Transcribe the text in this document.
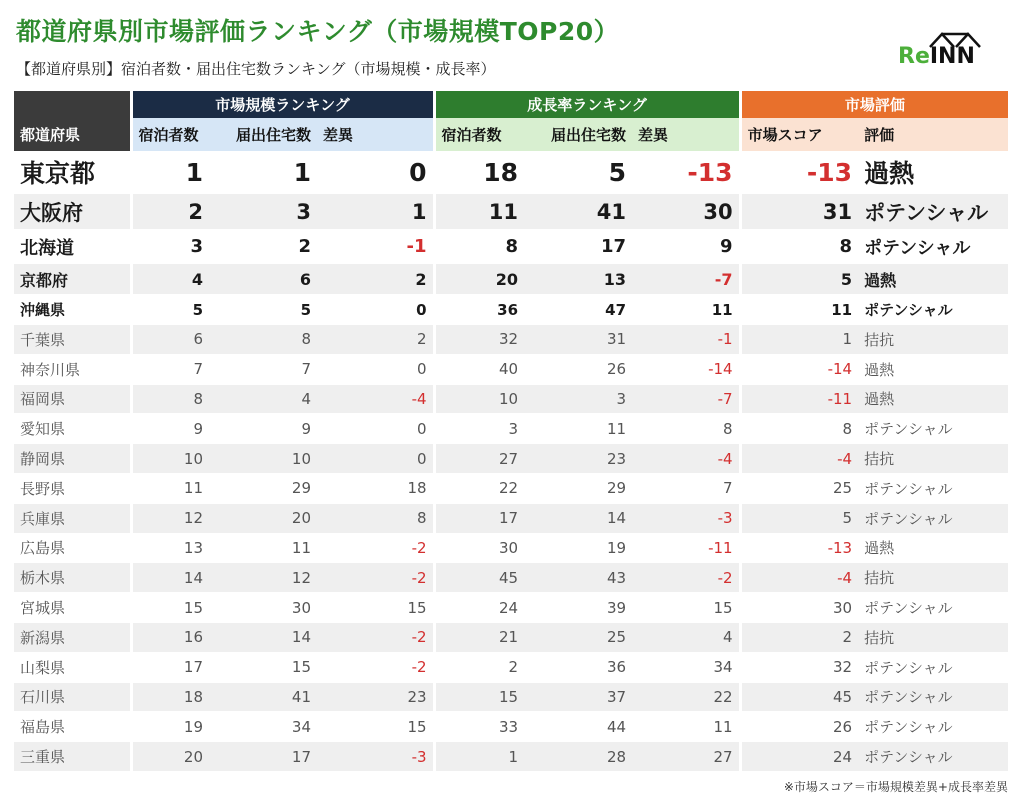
都道府県別市場評価ランキング（市場規模TOP20）
【都道府県別】宿泊者数・届出住宅数ランキング（市場規模・成長率）	ReINN
	市場規模ランキング			成長率ランキング			市場評価	
都道府県	宿泊者数	届出住宅数	差異	宿泊者数	届出住宅数	差異	市場スコア	評価
東京都	1	1	0	18	5	-13	-13	過熱
大阪府	2	3	1	11	41	30	31	ポテンシャル
北海道	3	2	-1	8	17	9	8	ポテンシャル
京都府	4	6	2	20	13	-7	5	過熱
沖縄県	5	5	0	36	47	11	11	ポテンシャル
千葉県	6	8	2	32	31	-1	1	拮抗
神奈川県	7	7	0	40	26	-14	-14	過熱
福岡県	8	4	-4	10	3	-7	-11	過熱
愛知県	9	9	0	3	11	8	8	ポテンシャル
静岡県	10	10	0	27	23	-4	-4	拮抗
長野県	11	29	18	22	29	7	25	ポテンシャル
兵庫県	12	20	8	17	14	-3	5	ポテンシャル
広島県	13	11	-2	30	19	-11	-13	過熱
栃木県	14	12	-2	45	43	-2	-4	拮抗
宮城県	15	30	15	24	39	15	30	ポテンシャル
新潟県	16	14	-2	21	25	4	2	拮抗
山梨県	17	15	-2	2	36	34	32	ポテンシャル
石川県	18	41	23	15	37	22	45	ポテンシャル
福島県	19	34	15	33	44	11	26	ポテンシャル
三重県	20	17	-3	1	28	27	24	ポテンシャル
※市場スコア＝市場規模差異+成長率差異
